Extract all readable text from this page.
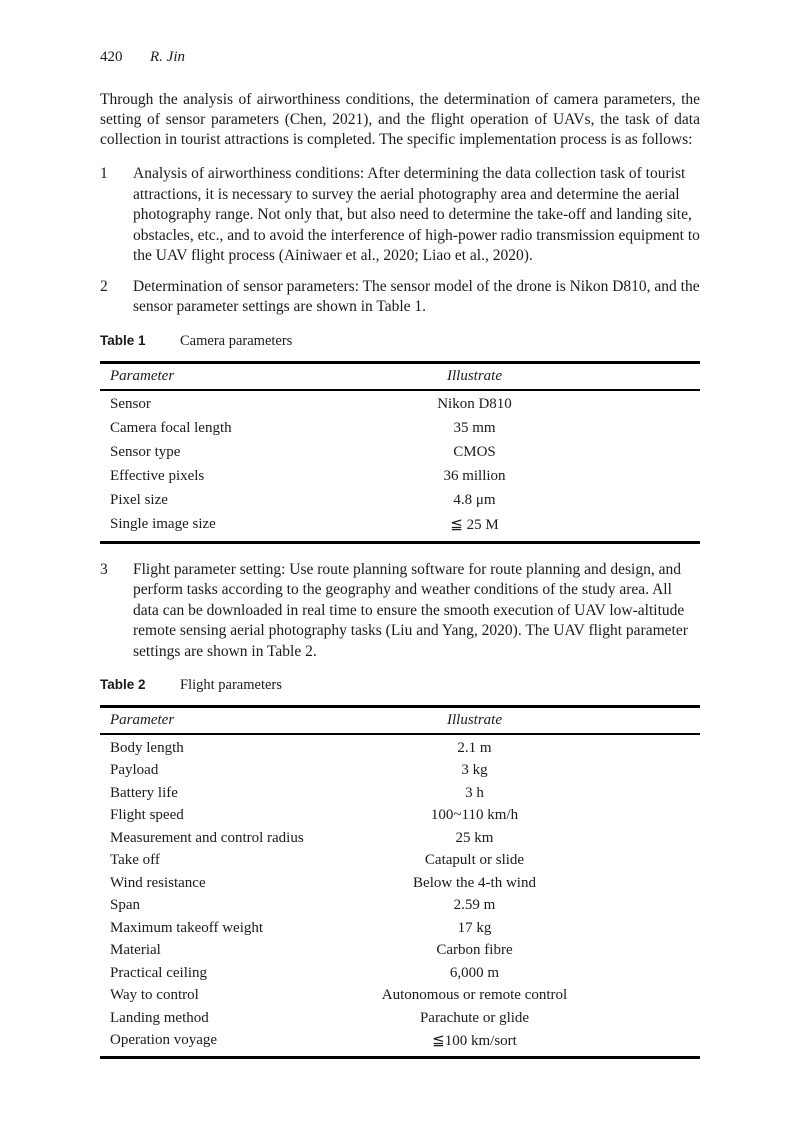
420 R. Jin

Through the analysis of airworthiness conditions, the determination of camera parameters, the setting of sensor parameters (Chen, 2021), and the flight operation of UAVs, the task of data collection in tourist attractions is completed. The specific implementation process is as follows:

1	Analysis of airworthiness conditions: After determining the data collection task of tourist attractions, it is necessary to survey the aerial photography area and determine the aerial photography range. Not only that, but also need to determine the take-off and landing site, obstacles, etc., and to avoid the interference of high-power radio transmission equipment to the UAV flight process (Ainiwaer et al., 2020; Liao et al., 2020).
2	Determination of sensor parameters: The sensor model of the drone is Nikon D810, and the sensor parameter settings are shown in Table 1.
Table 1 Camera parameters
Parameter	Illustrate
Sensor	Nikon D810
Camera focal length	35 mm
Sensor type	CMOS
Effective pixels	36 million
Pixel size	4.8 μm
Single image size	≦ 25 M
3	Flight parameter setting: Use route planning software for route planning and design, and perform tasks according to the geography and weather conditions of the study area. All data can be downloaded in real time to ensure the smooth execution of UAV low-altitude remote sensing aerial photography tasks (Liu and Yang, 2020). The UAV flight parameter settings are shown in Table 2.
Table 2 Flight parameters
Parameter	Illustrate
Body length	2.1 m
Payload	3 kg
Battery life	3 h
Flight speed	100~110 km/h
Measurement and control radius	25 km
Take off	Catapult or slide
Wind resistance	Below the 4-th wind
Span	2.59 m
Maximum takeoff weight	17 kg
Material	Carbon fibre
Practical ceiling	6,000 m
Way to control	Autonomous or remote control
Landing method	Parachute or glide
Operation voyage	≦100 km/sort
